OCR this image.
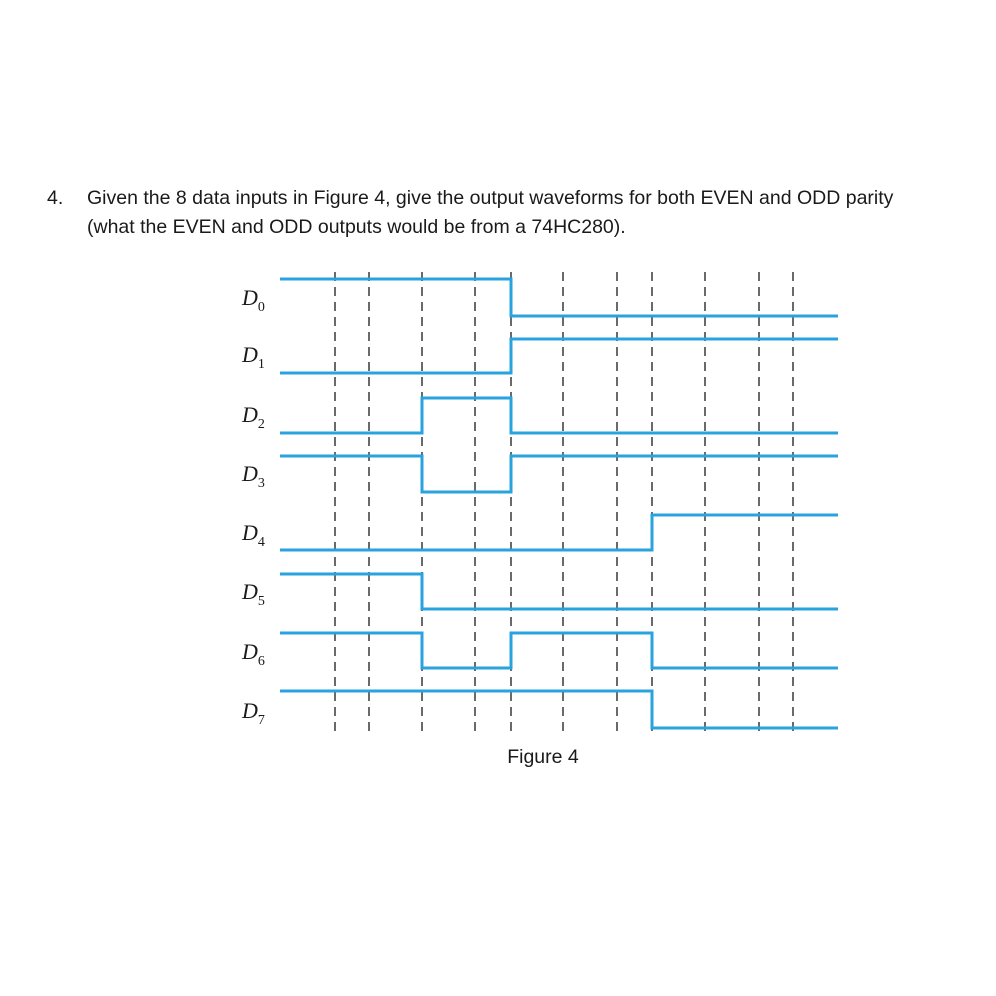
4. Given the 8 data inputs in Figure 4, give the output waveforms for both EVEN and ODD parity
(what the EVEN and ODD outputs would be from a 74HC280).
$D_0$
$D_1$
$D_2$
$D_3$
$D_4$
$D_5$
$D_6$
$D_7$
Figure 4
